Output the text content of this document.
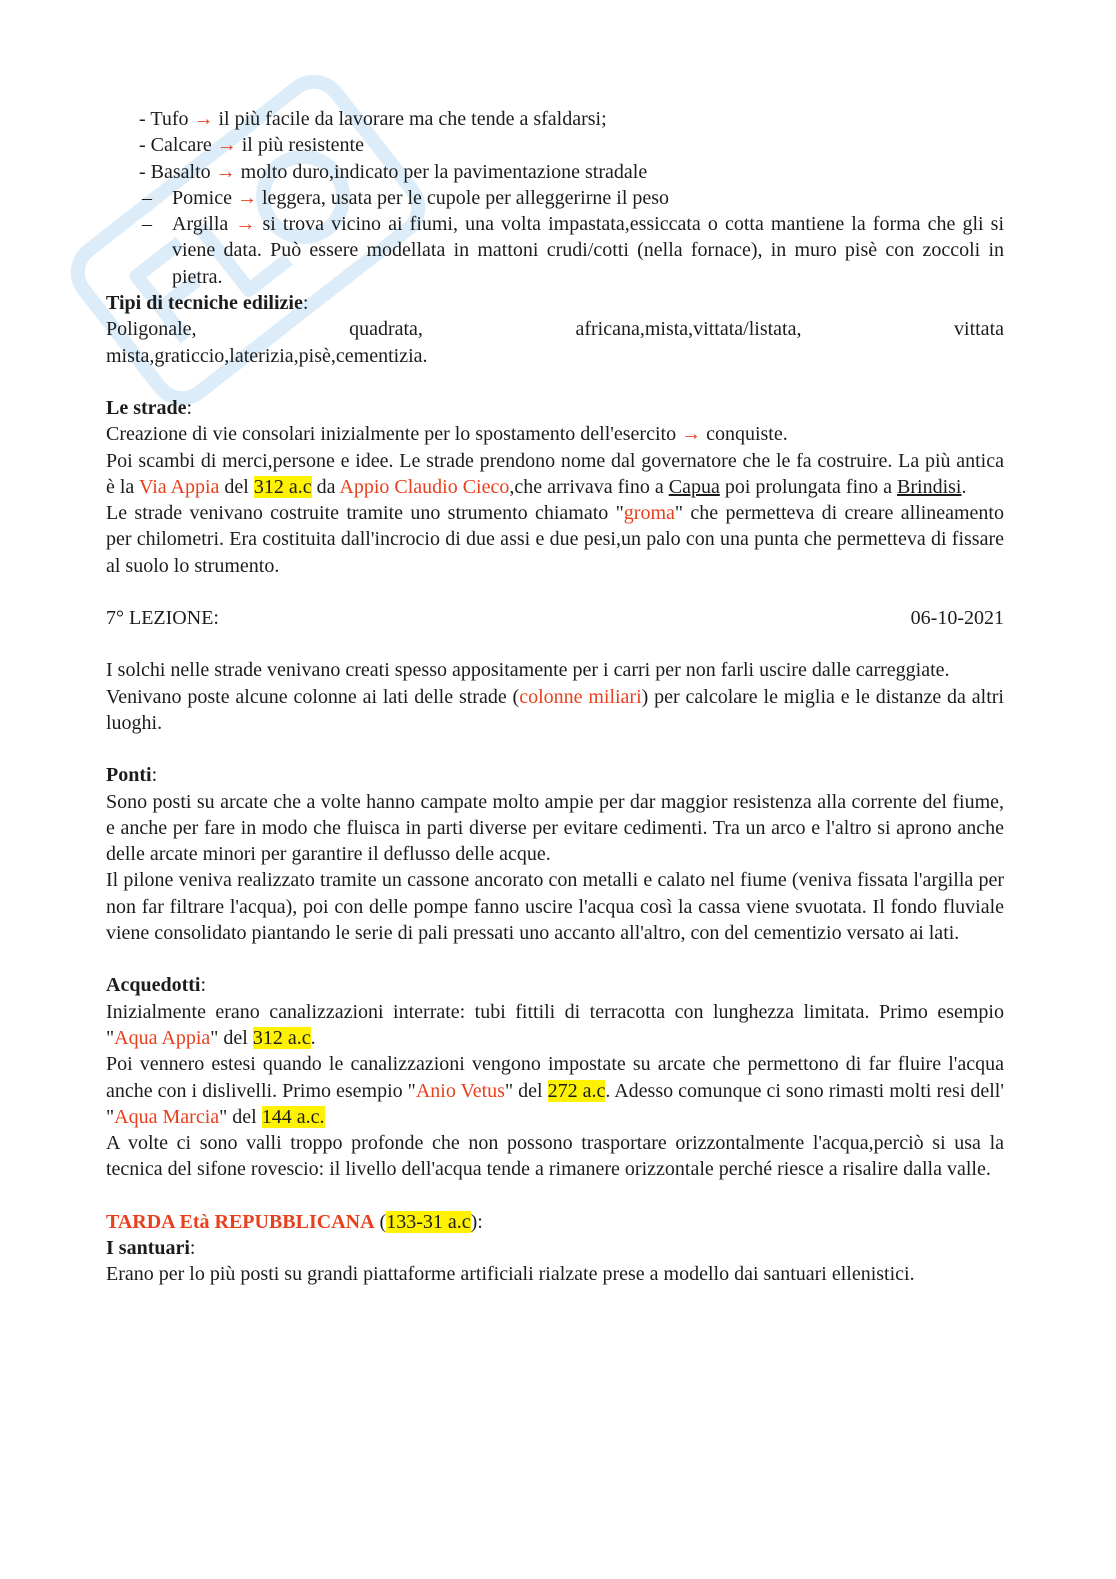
- Tufo → il più facile da lavorare ma che tende a sfaldarsi;
- Calcare → il più resistente
- Basalto → molto duro,indicato per la pavimentazione stradale
– Pomice → leggera, usata per le cupole per alleggerirne il peso
– Argilla → si trova vicino ai fiumi, una volta impastata,essiccata o cotta mantiene la forma che gli si viene data. Può essere modellata in mattoni crudi/cotti (nella fornace), in muro pisè con zoccoli in pietra.

Tipi di tecniche edilizie:

Poligonale,	quadrata,	africana,mista,vittata/listata,	vittata

mista,graticcio,laterizia,pisè,cementizia.

Le strade:

Creazione di vie consolari inizialmente per lo spostamento dell'esercito → conquiste.

Poi scambi di merci,persone e idee. Le strade prendono nome dal governatore che le fa costruire. La più antica è la Via Appia del 312 a.c da Appio Claudio Cieco,che arrivava fino a Capua poi prolungata fino a Brindisi.

Le strade venivano costruite tramite uno strumento chiamato "groma" che permetteva di creare allineamento per chilometri. Era costituita dall'incrocio di due assi e due pesi,un palo con una punta che permetteva di fissare al suolo lo strumento.

7° LEZIONE:	06-10-2021

I solchi nelle strade venivano creati spesso appositamente per i carri per non farli uscire dalle carreggiate.

Venivano poste alcune colonne ai lati delle strade (colonne miliari) per calcolare le miglia e le distanze da altri luoghi.

Ponti:

Sono posti su arcate che a volte hanno campate molto ampie per dar maggior resistenza alla corrente del fiume, e anche per fare in modo che fluisca in parti diverse per evitare cedimenti. Tra un arco e l'altro si aprono anche delle arcate minori per garantire il deflusso delle acque.

Il pilone veniva realizzato tramite un cassone ancorato con metalli e calato nel fiume (veniva fissata l'argilla per non far filtrare l'acqua), poi con delle pompe fanno uscire l'acqua così la cassa viene svuotata. Il fondo fluviale viene consolidato piantando le serie di pali pressati uno accanto all'altro, con del cementizio versato ai lati.

Acquedotti:

Inizialmente erano canalizzazioni interrate: tubi fittili di terracotta con lunghezza limitata. Primo esempio "Aqua Appia" del 312 a.c.

Poi vennero estesi quando le canalizzazioni vengono impostate su arcate che permettono di far fluire l'acqua anche con i dislivelli. Primo esempio "Anio Vetus" del 272 a.c. Adesso comunque ci sono rimasti molti resi dell' "Aqua Marcia" del 144 a.c.

A volte ci sono valli troppo profonde che non possono trasportare orizzontalmente l'acqua,perciò si usa la tecnica del sifone rovescio: il livello dell'acqua tende a rimanere orizzontale perché riesce a risalire dalla valle.

TARDA Età REPUBBLICANA (133-31 a.c):

I santuari:

Erano per lo più posti su grandi piattaforme artificiali rialzate prese a modello dai santuari ellenistici.
